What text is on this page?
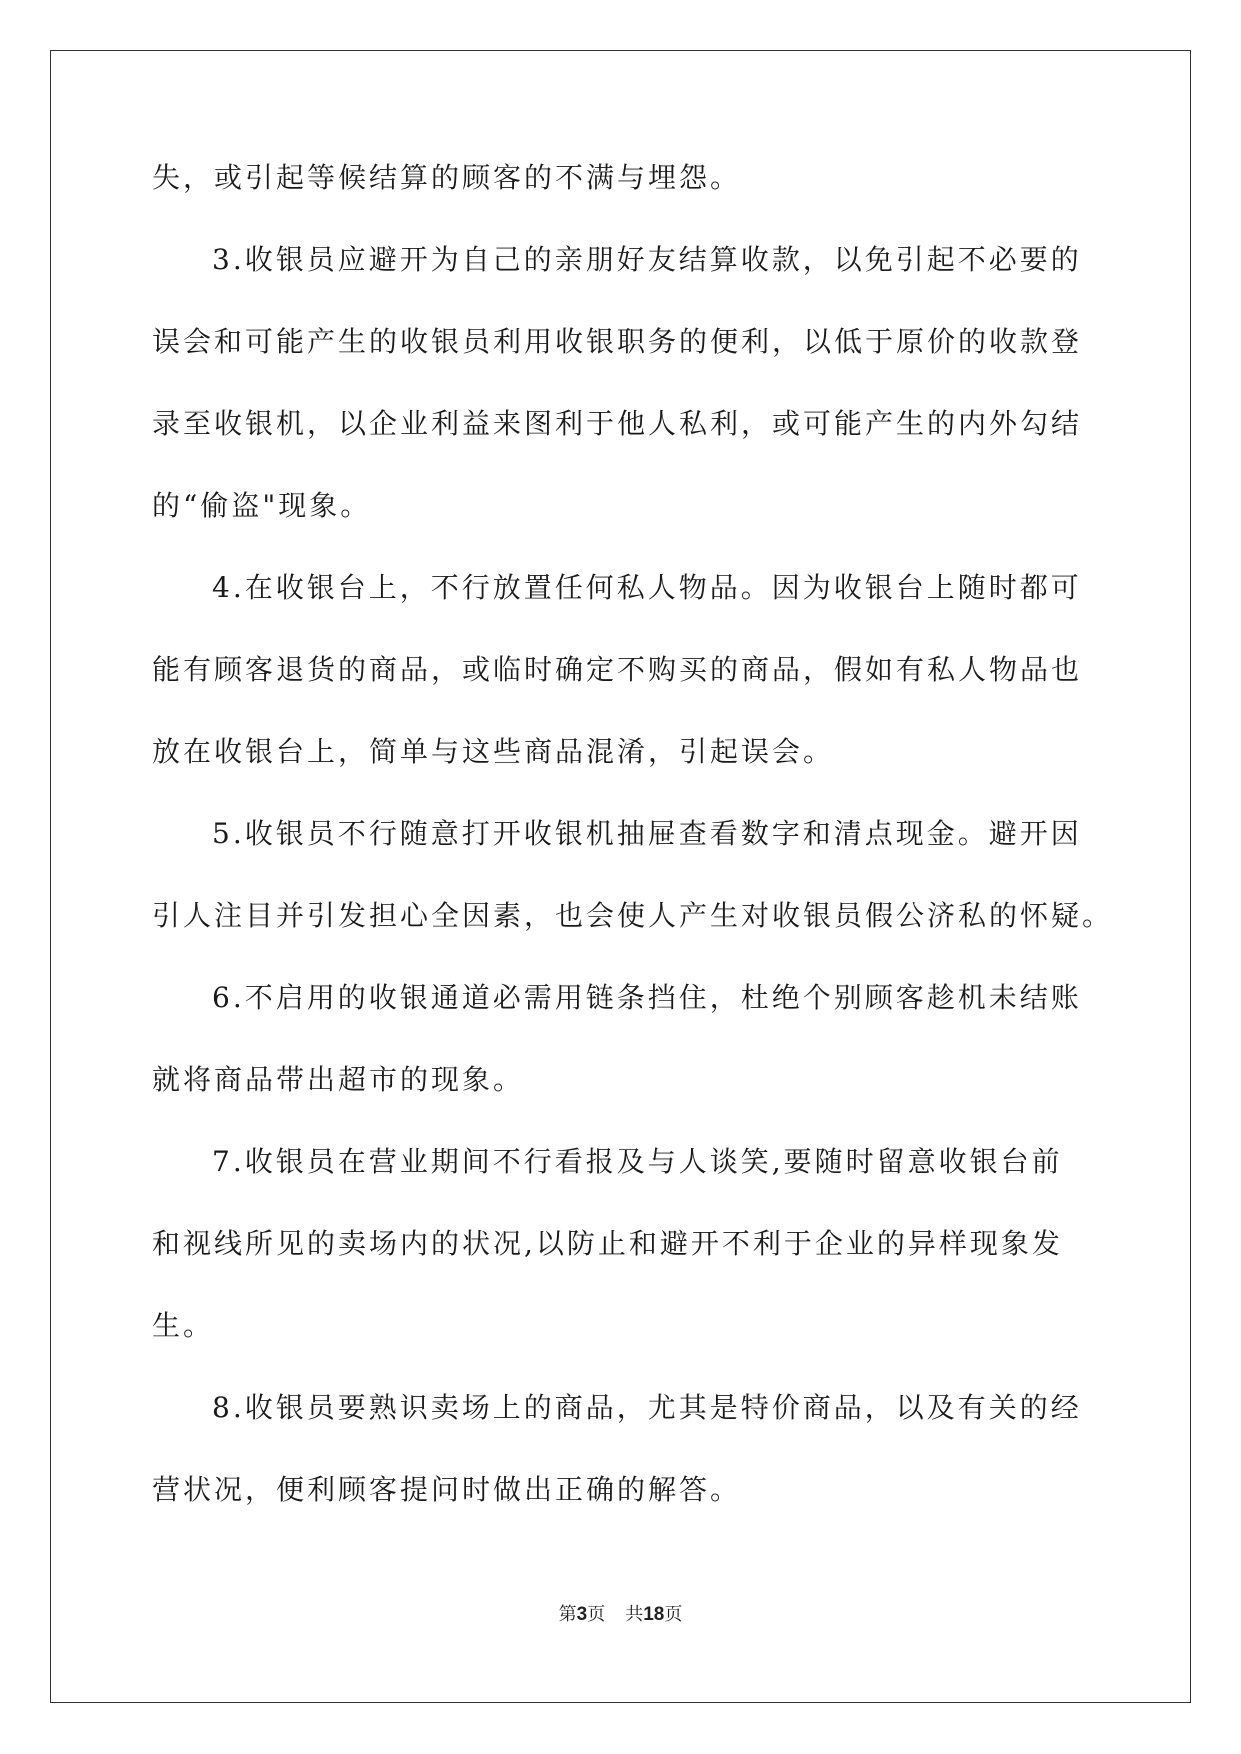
失，或引起等候结算的顾客的不满与埋怨。
3.收银员应避开为自己的亲朋好友结算收款，以免引起不必要的
误会和可能产生的收银员利用收银职务的便利，以低于原价的收款登
录至收银机，以企业利益来图利于他人私利，或可能产生的内外勾结
的“偷盗"现象。
4.在收银台上，不行放置任何私人物品。因为收银台上随时都可
能有顾客退货的商品，或临时确定不购买的商品，假如有私人物品也
放在收银台上，简单与这些商品混淆，引起误会。
5.收银员不行随意打开收银机抽屉查看数字和清点现金。避开因
引人注目并引发担心全因素，也会使人产生对收银员假公济私的怀疑。
6.不启用的收银通道必需用链条挡住，杜绝个别顾客趁机未结账
就将商品带出超市的现象。
7.收银员在营业期间不行看报及与人谈笑,要随时留意收银台前
和视线所见的卖场内的状况,以防止和避开不利于企业的异样现象发
生。
8.收银员要熟识卖场上的商品，尤其是特价商品，以及有关的经
营状况，便利顾客提问时做出正确的解答。
第3页 共18页
